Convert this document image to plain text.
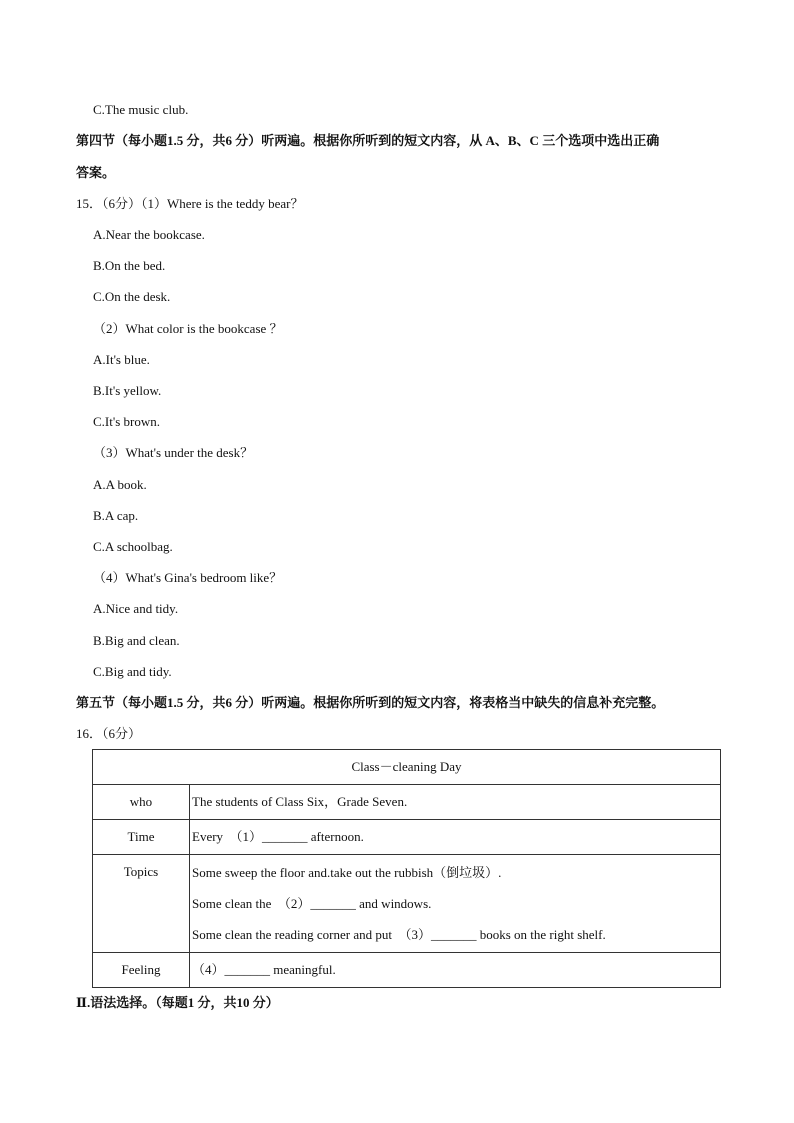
C.The music club.
第四节（每小题1.5 分，共6 分）听两遍。根据你所听到的短文内容，从 A、B、C 三个选项中选出正确
答案。
15．（6分）（1）Where is the teddy bear？
A.Near the bookcase.
B.On the bed.
C.On the desk.
（2）What color is the bookcase ？
A.It's blue.
B.It's yellow.
C.It's brown.
（3）What's under the desk？
A.A book.
B.A cap.
C.A schoolbag.
（4）What's Gina's bedroom like？
A.Nice and tidy.
B.Big and clean.
C.Big and tidy.
第五节（每小题1.5 分，共6 分）听两遍。根据你所听到的短文内容，将表格当中缺失的信息补充完整。
16．（6分）
Class－cleaning Day	

who	The students of Class Six，Grade Seven.

Time	Every　（1）_______ afternoon.

Topics	Some sweep the floor and.take out the rubbish（倒垃圾）.
Some clean the　（2）_______ and windows.
Some clean the reading corner and put　（3）_______ books on the right shelf.

Feeling	（4）_______ meaningful.
Ⅱ.语法选择。（每题1 分，共10 分）
